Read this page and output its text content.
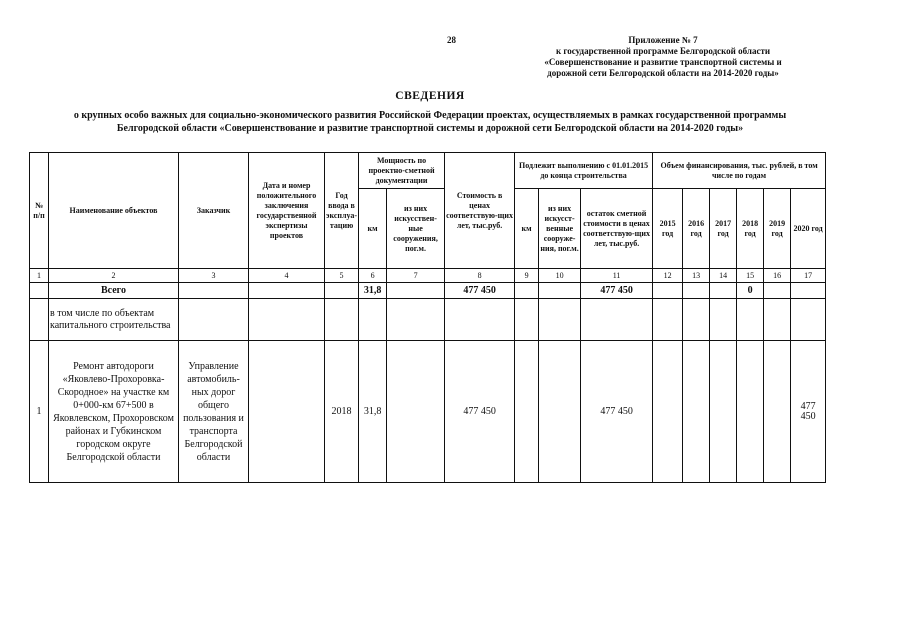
28	Приложение № 7
к государственной программе Белгородской области
«Совершенствование и развитие транспортной системы и
дорожной сети Белгородской области на 2014-2020 годы»
СВЕДЕНИЯ
о крупных особо важных для социально-экономического развития Российской Федерации проектах, осуществляемых в рамках государственной программы
Белгородской области «Совершенствование и развитие транспортной системы и дорожной сети Белгородской области на 2014-2020 годы»
№ п/п	Наименование объектов	Заказчик	Дата и номер положительного заключения государственной экспертизы проектов	Год ввода в эксплуа-тацию	Мощность по проектно-сметной документации		Стоимость в ценах соответствую-щих лет, тыс.руб.	Подлежит выполнению с 01.01.2015 до конца строительства			Объем финансирования, тыс. рублей, в том числе по годам					
					км	из них искусствен-ные сооружения, пог.м.		км	из них искусст-венные сооруже-ния, пог.м.	остаток сметной стоимости в ценах соответствую-щих лет, тыс.руб.	2015 год	2016 год	2017 год	2018 год	2019 год	2020 год
1	2	3	4	5	6	7	8	9	10	11	12	13	14	15	16	17
	Всего				31,8		477 450			477 450				0		
	в том числе по объектам капитального строительства															
1	Ремонт автодороги «Яковлево-Прохоровка-Скородное» на участке км 0+000-км 67+500 в Яковлевском, Прохоровском районах и Губкинском городском округе Белгородской области	Управление автомобиль-ных дорог общего пользования и транспорта Белгородской области		2018	31,8		477 450			477 450						477 450
